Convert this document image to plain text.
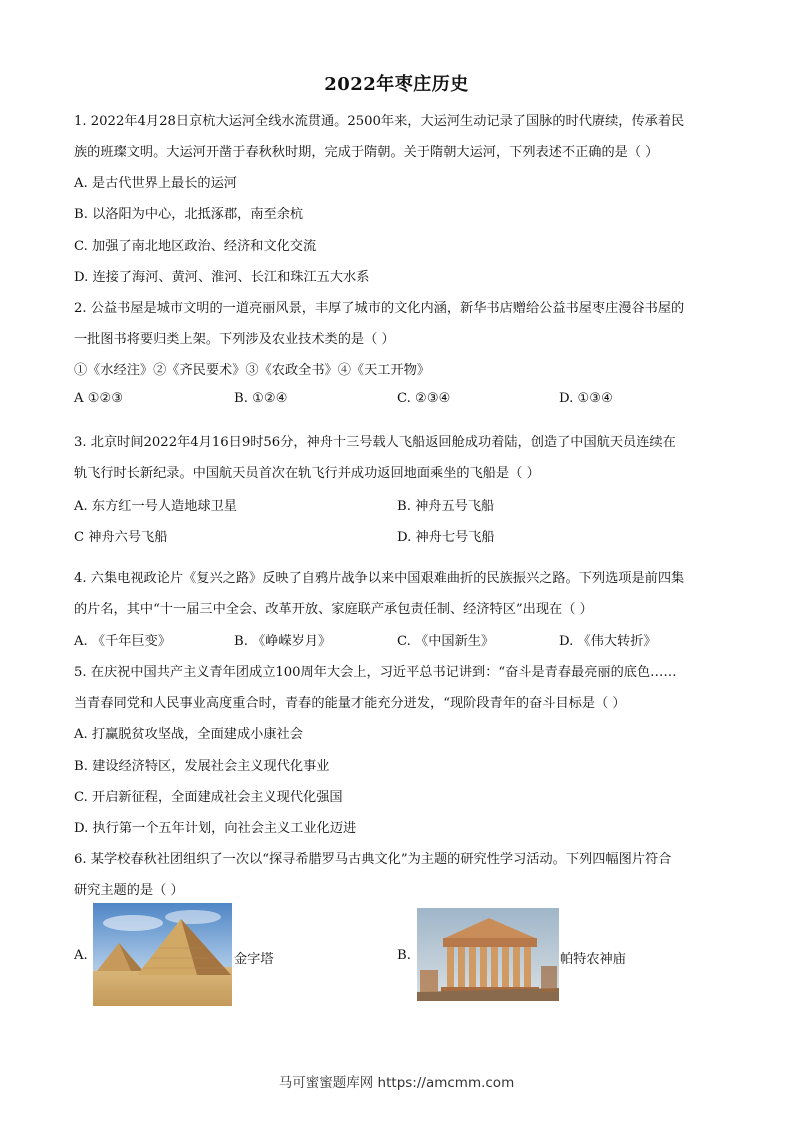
2022年枣庄历史
1. 2022年4月28日京杭大运河全线水流贯通。2500年来，大运河生动记录了国脉的时代赓续，传承着民
族的班璨文明。大运河开凿于春秋秋时期，完成于隋朝。关于隋朝大运河，下列表述不正确的是（ ）
A. 是古代世界上最长的运河
B. 以洛阳为中心，北抵涿郡，南至余杭
C. 加强了南北地区政治、经济和文化交流
D. 连接了海河、黄河、淮河、长江和珠江五大水系
2. 公益书屋是城市文明的一道亮丽风景，丰厚了城市的文化内涵，新华书店赠给公益书屋枣庄漫谷书屋的
一批图书将要归类上架。下列涉及农业技术类的是（ ）
①《水经注》②《齐民要术》③《农政全书》④《天工开物》
A ①②③	B. ①②④	C. ②③④	D. ①③④
3. 北京时间2022年4月16日9时56分，神舟十三号载人飞船返回舱成功着陆，创造了中国航天员连续在
轨飞行时长新纪录。中国航天员首次在轨飞行并成功返回地面乘坐的飞船是（ ）
A. 东方红一号人造地球卫星	B. 神舟五号飞船
C 神舟六号飞船	D. 神舟七号飞船
4. 六集电视政论片《复兴之路》反映了自鸦片战争以来中国艰难曲折的民族振兴之路。下列选项是前四集
的片名，其中“十一届三中全会、改革开放、家庭联产承包责任制、经济特区”出现在（ ）
A. 《千年巨变》	B. 《峥嵘岁月》	C. 《中国新生》	D. 《伟大转折》
5. 在庆祝中国共产主义青年团成立100周年大会上，习近平总书记讲到：“奋斗是青春最亮丽的底色……
当青春同党和人民事业高度重合时，青春的能量才能充分迸发，“现阶段青年的奋斗目标是（ ）
A. 打赢脱贫攻坚战，全面建成小康社会
B. 建设经济特区，发展社会主义现代化事业
C. 开启新征程，全面建成社会主义现代化强国
D. 执行第一个五年计划，向社会主义工业化迈进
6. 某学校春秋社团组织了一次以“探寻希腊罗马古典文化”为主题的研究性学习活动。下列四幅图片符合
研究主题的是（ ）
A.	金字塔	B.	帕特农神庙
马可蜜蜜题库网 https://amcmm.com
